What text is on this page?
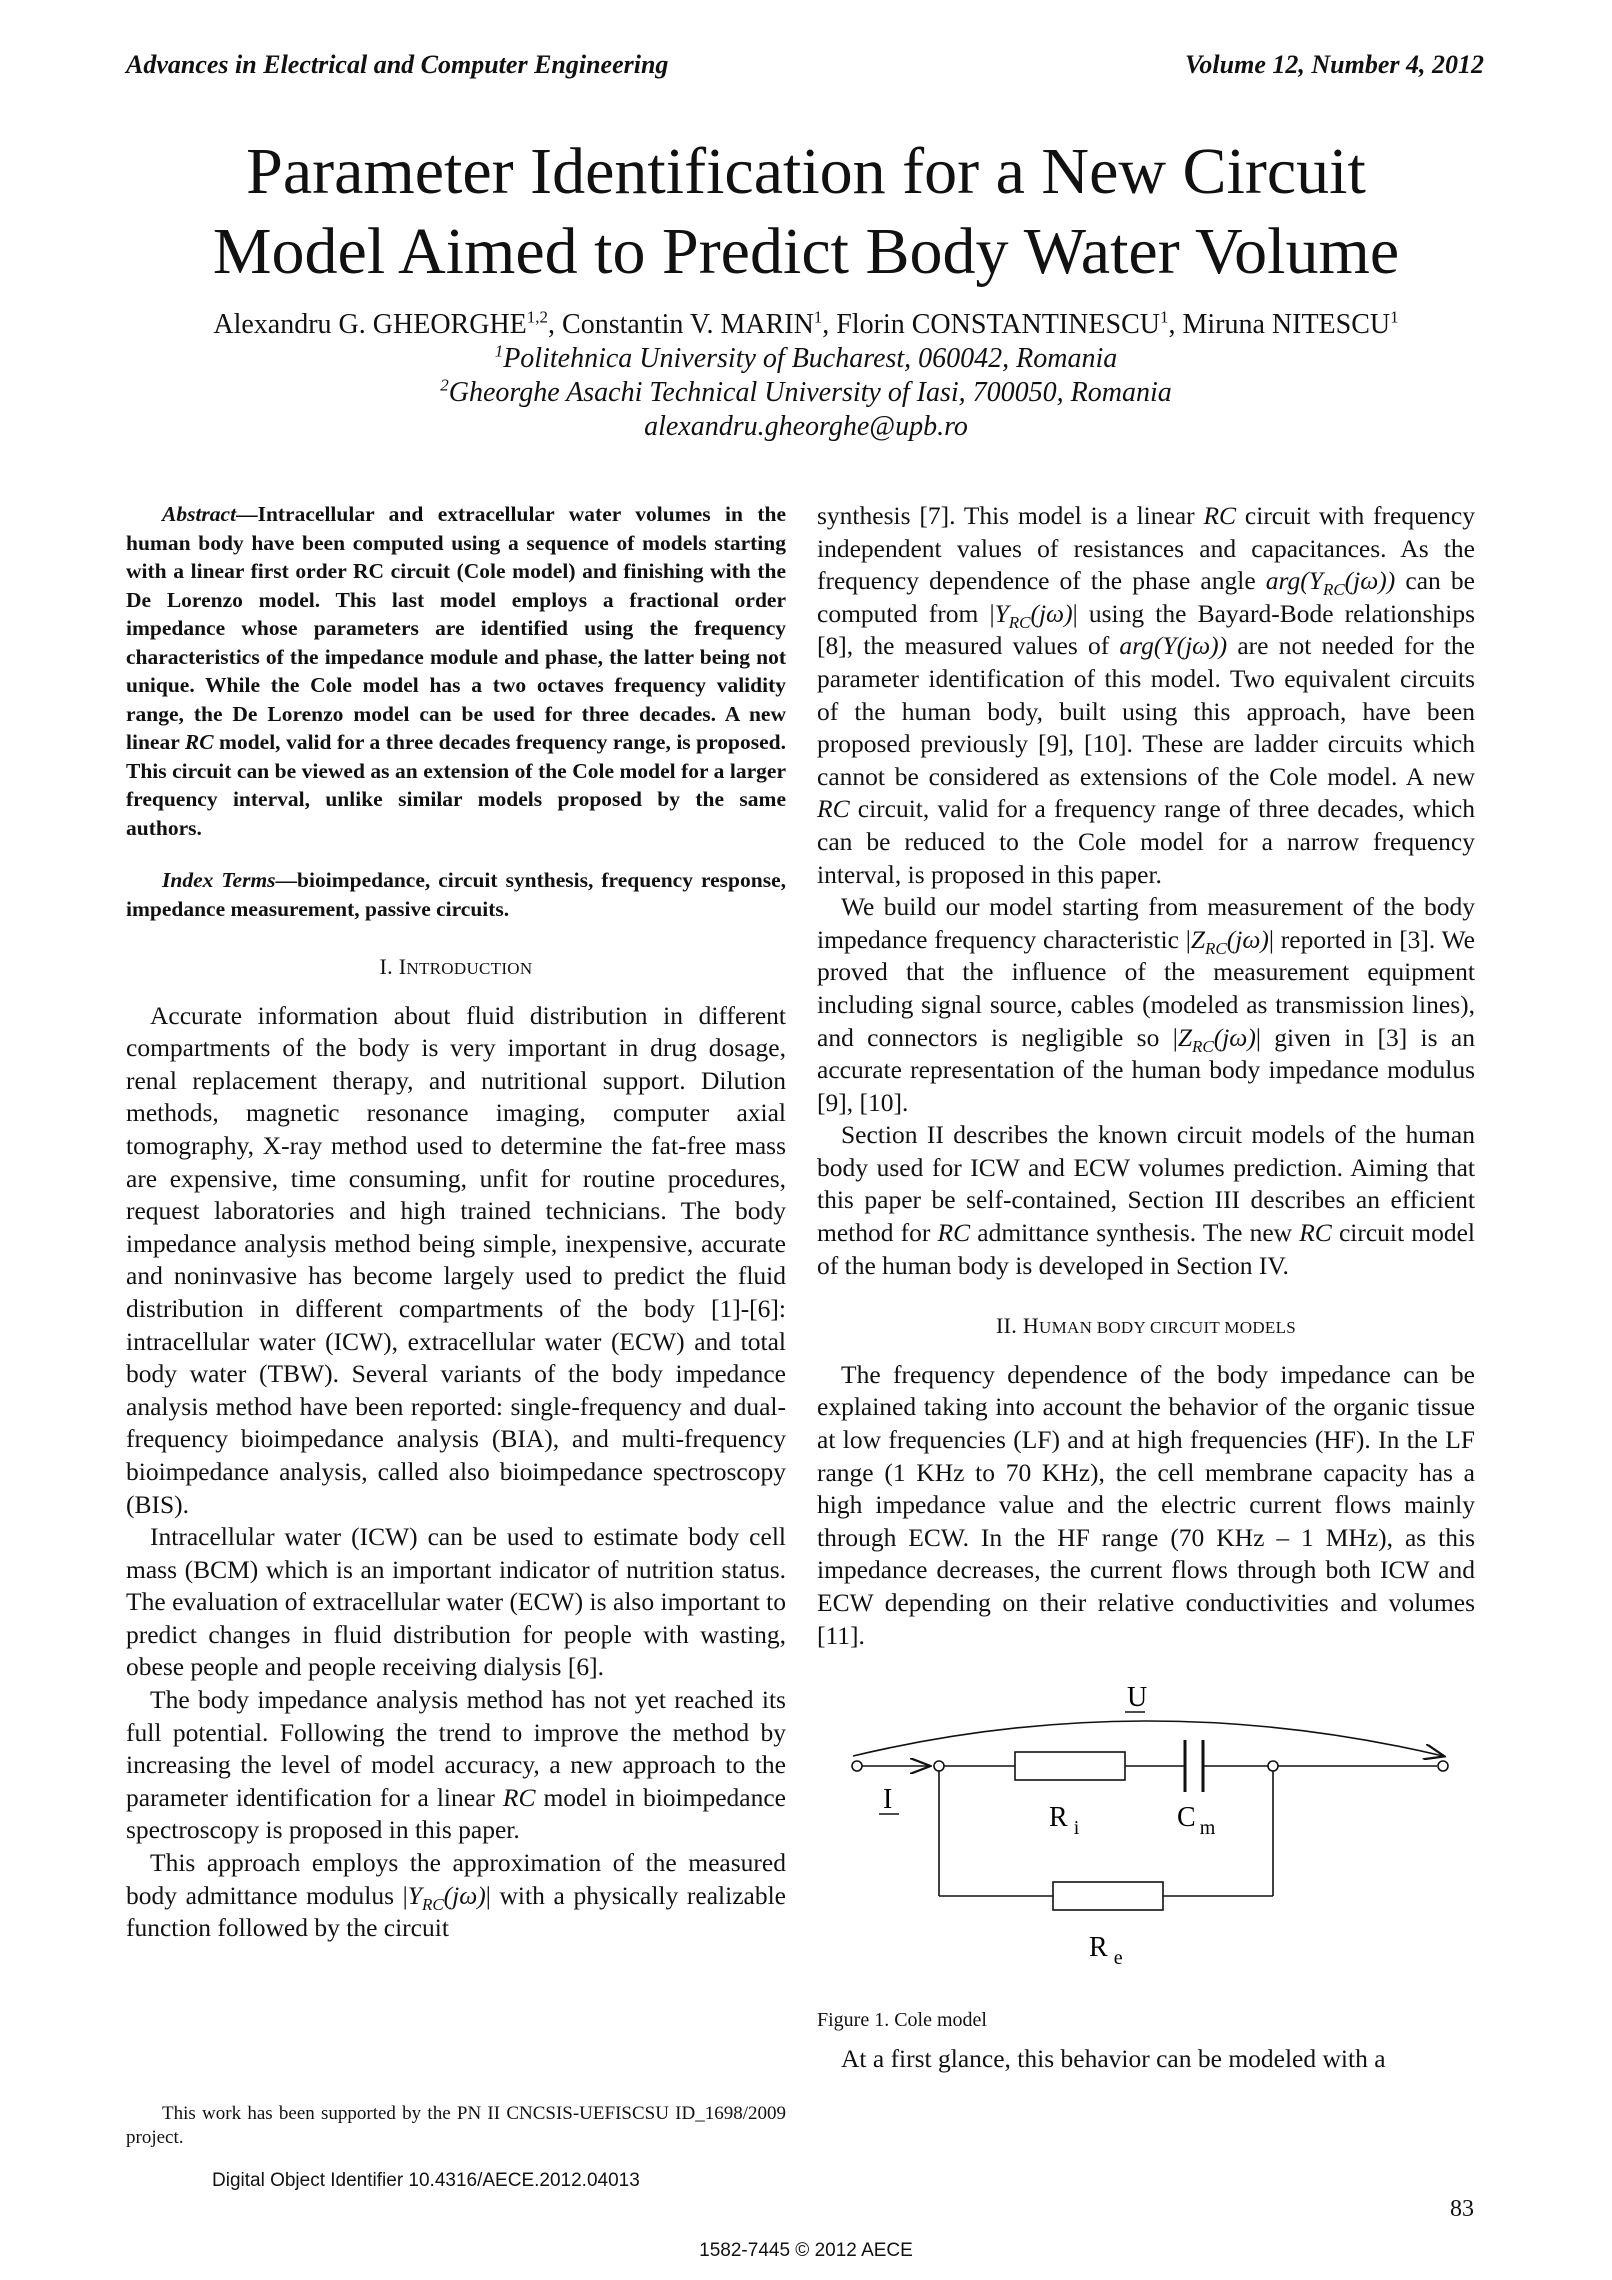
Advances in Electrical and Computer Engineering	Volume 12, Number 4, 2012
Parameter Identification for a New Circuit
Model Aimed to Predict Body Water Volume
Alexandru G. GHEORGHE$^{1,2}$, Constantin V. MARIN$^1$, Florin CONSTANTINESCU$^1$, Miruna NITESCU$^1$
$^1$Politehnica University of Bucharest, 060042, Romania
$^2$Gheorghe Asachi Technical University of Iasi, 700050, Romania
alexandru.gheorghe@upb.ro

Abstract—Intracellular and extracellular water volumes in the human body have been computed using a sequence of models starting with a linear first order RC circuit (Cole model) and finishing with the De Lorenzo model. This last model employs a fractional order impedance whose parameters are identified using the frequency characteristics of the impedance module and phase, the latter being not unique. While the Cole model has a two octaves frequency validity range, the De Lorenzo model can be used for three decades. A new linear RC model, valid for a three decades frequency range, is proposed. This circuit can be viewed as an extension of the Cole model for a larger frequency interval, unlike similar models proposed by the same authors.

Index Terms—bioimpedance, circuit synthesis, frequency response, impedance measurement, passive circuits.

I. INTRODUCTION

Accurate information about fluid distribution in different compartments of the body is very important in drug dosage, renal replacement therapy, and nutritional support. Dilution methods, magnetic resonance imaging, computer axial tomography, X-ray method used to determine the fat-free mass are expensive, time consuming, unfit for routine procedures, request laboratories and high trained technicians. The body impedance analysis method being simple, inexpensive, accurate and noninvasive has become largely used to predict the fluid distribution in different compartments of the body [1]-[6]: intracellular water (ICW), extracellular water (ECW) and total body water (TBW). Several variants of the body impedance analysis method have been reported: single-frequency and dual-frequency bioimpedance analysis (BIA), and multi-frequency bioimpedance analysis, called also bioimpedance spectroscopy (BIS).

Intracellular water (ICW) can be used to estimate body cell mass (BCM) which is an important indicator of nutrition status. The evaluation of extracellular water (ECW) is also important to predict changes in fluid distribution for people with wasting, obese people and people receiving dialysis [6].

The body impedance analysis method has not yet reached its full potential. Following the trend to improve the method by increasing the level of model accuracy, a new approach to the parameter identification for a linear RC model in bioimpedance spectroscopy is proposed in this paper.

This approach employs the approximation of the measured body admittance modulus $|Y_{RC}(j\omega)|$ with a physically realizable function followed by the circuit

synthesis [7]. This model is a linear RC circuit with frequency independent values of resistances and capacitances. As the frequency dependence of the phase angle $arg(Y_{RC}(j\omega))$ can be computed from $|Y_{RC}(j\omega)|$ using the Bayard-Bode relationships [8], the measured values of arg(Y(jω)) are not needed for the parameter identification of this model. Two equivalent circuits of the human body, built using this approach, have been proposed previously [9], [10]. These are ladder circuits which cannot be considered as extensions of the Cole model. A new RC circuit, valid for a frequency range of three decades, which can be reduced to the Cole model for a narrow frequency interval, is proposed in this paper.

We build our model starting from measurement of the body impedance frequency characteristic $|Z_{RC}(j\omega)|$ reported in [3]. We proved that the influence of the measurement equipment including signal source, cables (modeled as transmission lines), and connectors is negligible so $|Z_{RC}(j\omega)|$ given in [3] is an accurate representation of the human body impedance modulus [9], [10].

Section II describes the known circuit models of the human body used for ICW and ECW volumes prediction. Aiming that this paper be self-contained, Section III describes an efficient method for RC admittance synthesis. The new RC circuit model of the human body is developed in Section IV.

II. HUMAN BODY CIRCUIT MODELS

The frequency dependence of the body impedance can be explained taking into account the behavior of the organic tissue at low frequencies (LF) and at high frequencies (HF). In the LF range (1 KHz to 70 KHz), the cell membrane capacity has a high impedance value and the electric current flows mainly through ECW. In the HF range (70 KHz – 1 MHz), as this impedance decreases, the current flows through both ICW and ECW depending on their relative conductivities and volumes [11].

U
I
R $_i$	C $_m$
R $_e$
Figure 1. Cole model

At a first glance, this behavior can be modeled with a

This work has been supported by the PN II CNCSIS-UEFISCSU ID_1698/2009 project.
Digital Object Identifier 10.4316/AECE.2012.04013
83
1582-7445 © 2012 AECE
